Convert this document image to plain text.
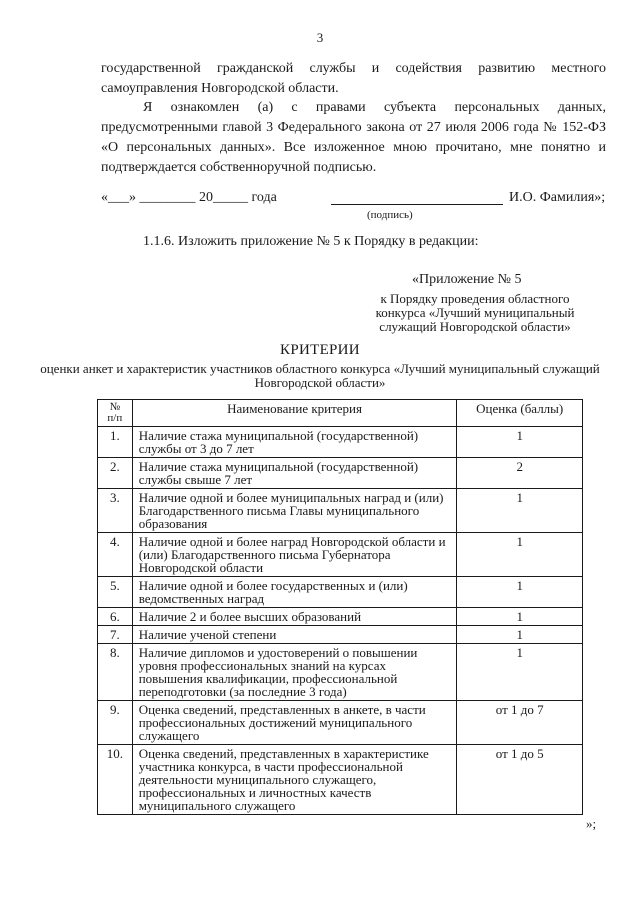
3
государственной гражданской службы и содействия развитию местного самоуправления Новгородской области.
Я ознакомлен (а) с правами субъекта персональных данных, предусмотренными главой 3 Федерального закона от 27 июля 2006 года № 152-ФЗ «О персональных данных». Все изложенное мною прочитано, мне понятно и подтверждается собственноручной подписью.
«___» ________ 20_____ года	И.О. Фамилия»;
(подпись)
1.1.6. Изложить приложение № 5 к Порядку в редакции:
«Приложение № 5
к Порядку проведения областного конкурса «Лучший муниципальный служащий Новгородской области»
КРИТЕРИИ
оценки анкет и характеристик участников областного конкурса «Лучший муниципальный служащий Новгородской области»
№ п/п	Наименование критерия	Оценка (баллы)
1.	Наличие стажа муниципальной (государственной) службы от 3 до 7 лет	1
2.	Наличие стажа муниципальной (государственной) службы свыше 7 лет	2
3.	Наличие одной и более муниципальных наград и (или) Благодарственного письма Главы муниципального образования	1
4.	Наличие одной и более наград Новгородской области и (или) Благодарственного письма Губернатора Новгородской области	1
5.	Наличие одной и более государственных и (или) ведомственных наград	1
6.	Наличие 2 и более высших образований	1
7.	Наличие ученой степени	1
8.	Наличие дипломов и удостоверений о повышении уровня профессиональных знаний на курсах повышения квалификации, профессиональной переподготовки (за последние 3 года)	1
9.	Оценка сведений, представленных в анкете, в части профессиональных достижений муниципального служащего	от 1 до 7
10.	Оценка сведений, представленных в характеристике участника конкурса, в части профессиональной деятельности муниципального служащего, профессиональных и личностных качеств муниципального служащего	от 1 до 5
»;
